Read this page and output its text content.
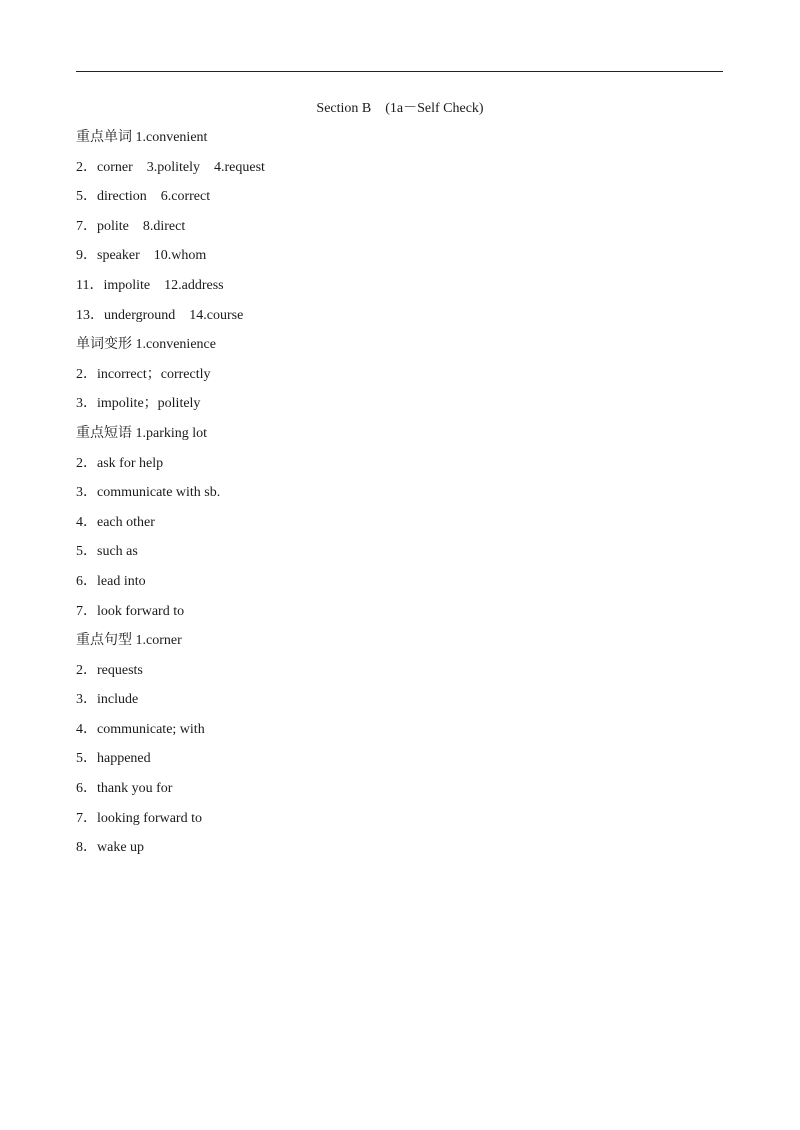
Section B　(1a－Self Check)
重点单词 1.convenient
2．corner　3.politely　4.request
5．direction　6.correct
7．polite　8.direct
9．speaker　10.whom
11．impolite　12.address
13．underground　14.course
单词变形 1.convenience
2．incorrect；correctly
3．impolite；politely
重点短语 1.parking lot
2．ask for help
3．communicate with sb.
4．each other
5．such as
6．lead into
7．look forward to
重点句型 1.corner
2．requests
3．include
4．communicate; with
5．happened
6．thank you for
7．looking forward to
8．wake up
